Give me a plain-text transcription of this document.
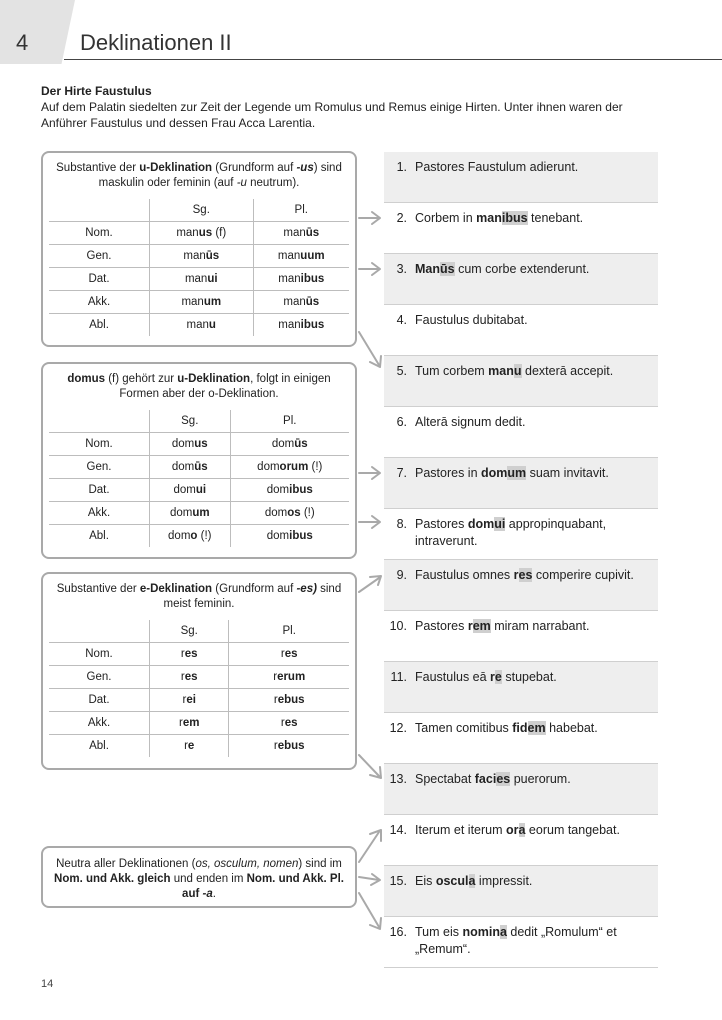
4 Deklinationen II
Der Hirte Faustulus
Auf dem Palatin siedelten zur Zeit der Legende um Romulus und Remus einige Hirten. Unter ihnen waren der Anführer Faustulus und dessen Frau Acca Larentia.
Substantive der u-Deklination (Grundform auf -us) sind maskulin oder feminin (auf -u neutrum).
	Sg.	Pl.
Nom.	manus (f)	manūs
Gen.	manūs	manuum
Dat.	manui	manibus
Akk.	manum	manūs
Abl.	manu	manibus
domus (f) gehört zur u-Deklination, folgt in einigen Formen aber der o-Deklination.
	Sg.	Pl.
Nom.	domus	domūs
Gen.	domūs	domorum (!)
Dat.	domui	domibus
Akk.	domum	domos (!)
Abl.	domo (!)	domibus
Substantive der e-Deklination (Grundform auf -es) sind meist feminin.
	Sg.	Pl.
Nom.	res	res
Gen.	res	rerum
Dat.	rei	rebus
Akk.	rem	res
Abl.	re	rebus
Neutra aller Deklinationen (os, osculum, nomen) sind im Nom. und Akk. gleich und enden im Nom. und Akk. Pl. auf -a.
1. Pastores Faustulum adierunt.
2. Corbem in manibus tenebant.
3. Manūs cum corbe extenderunt.
4. Faustulus dubitabat.
5. Tum corbem manu dexterā accepit.
6. Alterā signum dedit.
7. Pastores in domum suam invitavit.
8. Pastores domui appropinquabant, intraverunt.
9. Faustulus omnes res comperire cupivit.
10. Pastores rem miram narrabant.
11. Faustulus eā re stupebat.
12. Tamen comitibus fidem habebat.
13. Spectabat facies puerorum.
14. Iterum et iterum ora eorum tangebat.
15. Eis oscula impressit.
16. Tum eis nomina dedit „Romulum“ et „Remum“.
14
